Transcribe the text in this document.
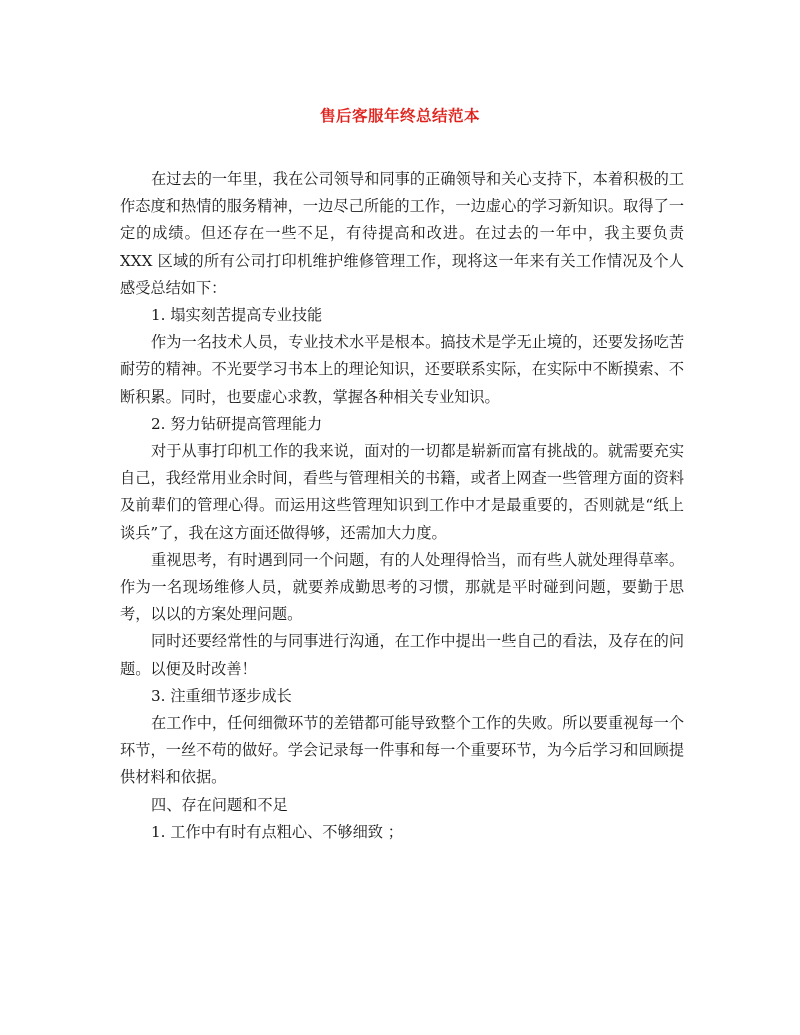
售后客服年终总结范本

在过去的一年里，我在公司领导和同事的正确领导和关心支持下，本着积极的工作态度和热情的服务精神，一边尽己所能的工作，一边虚心的学习新知识。取得了一定的成绩。但还存在一些不足，有待提高和改进。在过去的一年中，我主要负责 XXX 区域的所有公司打印机维护维修管理工作，现将这一年来有关工作情况及个人感受总结如下：

1. 塌实刻苦提高专业技能

作为一名技术人员，专业技术水平是根本。搞技术是学无止境的，还要发扬吃苦耐劳的精神。不光要学习书本上的理论知识，还要联系实际，在实际中不断摸索、不断积累。同时，也要虚心求教，掌握各种相关专业知识。

2. 努力钻研提高管理能力

对于从事打印机工作的我来说，面对的一切都是崭新而富有挑战的。就需要充实自己，我经常用业余时间，看些与管理相关的书籍，或者上网查一些管理方面的资料及前辈们的管理心得。而运用这些管理知识到工作中才是最重要的，否则就是“纸上谈兵”了，我在这方面还做得够，还需加大力度。

重视思考，有时遇到同一个问题，有的人处理得恰当，而有些人就处理得草率。作为一名现场维修人员，就要养成勤思考的习惯，那就是平时碰到问题，要勤于思考，以以的方案处理问题。

同时还要经常性的与同事进行沟通，在工作中提出一些自己的看法，及存在的问题。以便及时改善！

3. 注重细节逐步成长

在工作中，任何细微环节的差错都可能导致整个工作的失败。所以要重视每一个环节，一丝不苟的做好。学会记录每一件事和每一个重要环节，为今后学习和回顾提供材料和依据。

四、存在问题和不足

1. 工作中有时有点粗心、不够细致 ；
